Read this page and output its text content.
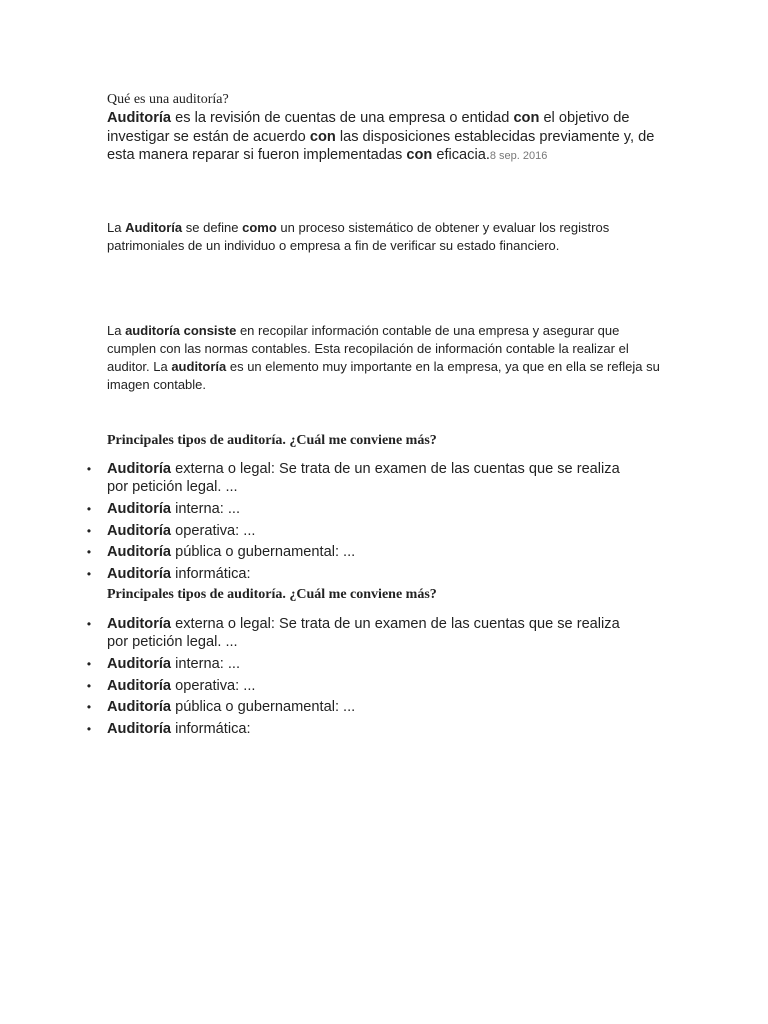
Qué es una auditoría?
Auditoría es la revisión de cuentas de una empresa o entidad con el objetivo de investigar se están de acuerdo con las disposiciones establecidas previamente y, de esta manera reparar si fueron implementadas con eficacia.8 sep. 2016
La Auditoría se define como un proceso sistemático de obtener y evaluar los registros patrimoniales de un individuo o empresa a fin de verificar su estado financiero.
La auditoría consiste en recopilar información contable de una empresa y asegurar que cumplen con las normas contables. Esta recopilación de información contable la realizar el auditor. La auditoría es un elemento muy importante en la empresa, ya que en ella se refleja su imagen contable.
Principales tipos de auditoría. ¿Cuál me conviene más?
• Auditoría externa o legal: Se trata de un examen de las cuentas que se realiza por petición legal. ...
• Auditoría interna: ...
• Auditoría operativa: ...
• Auditoría pública o gubernamental: ...
• Auditoría informática:
Principales tipos de auditoría. ¿Cuál me conviene más?
• Auditoría externa o legal: Se trata de un examen de las cuentas que se realiza por petición legal. ...
• Auditoría interna: ...
• Auditoría operativa: ...
• Auditoría pública o gubernamental: ...
• Auditoría informática:
